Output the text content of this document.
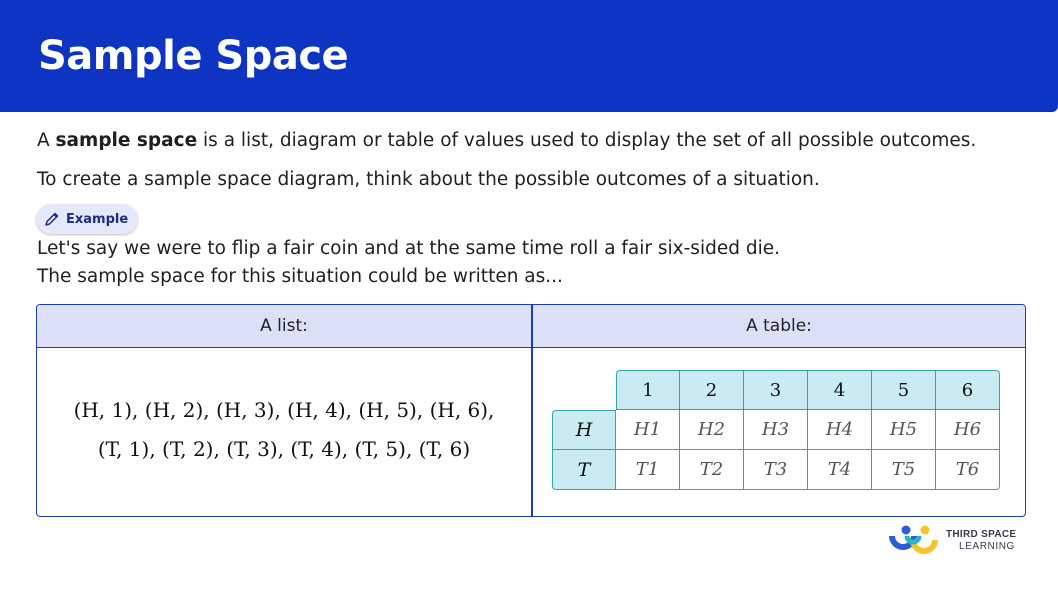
Sample Space
A sample space is a list, diagram or table of values used to display the set of all possible outcomes.
To create a sample space diagram, think about the possible outcomes of a situation.
Example
Let's say we were to flip a fair coin and at the same time roll a fair six-sided die.
The sample space for this situation could be written as...
A list:	A table:
(H, 1), (H, 2), (H, 3), (H, 4), (H, 5), (H, 6),
(T, 1), (T, 2), (T, 3), (T, 4), (T, 5), (T, 6)
	1	2	3	4	5	6
H	H1	H2	H3	H4	H5	H6
T	T1	T2	T3	T4	T5	T6
THIRD SPACE
LEARNING
